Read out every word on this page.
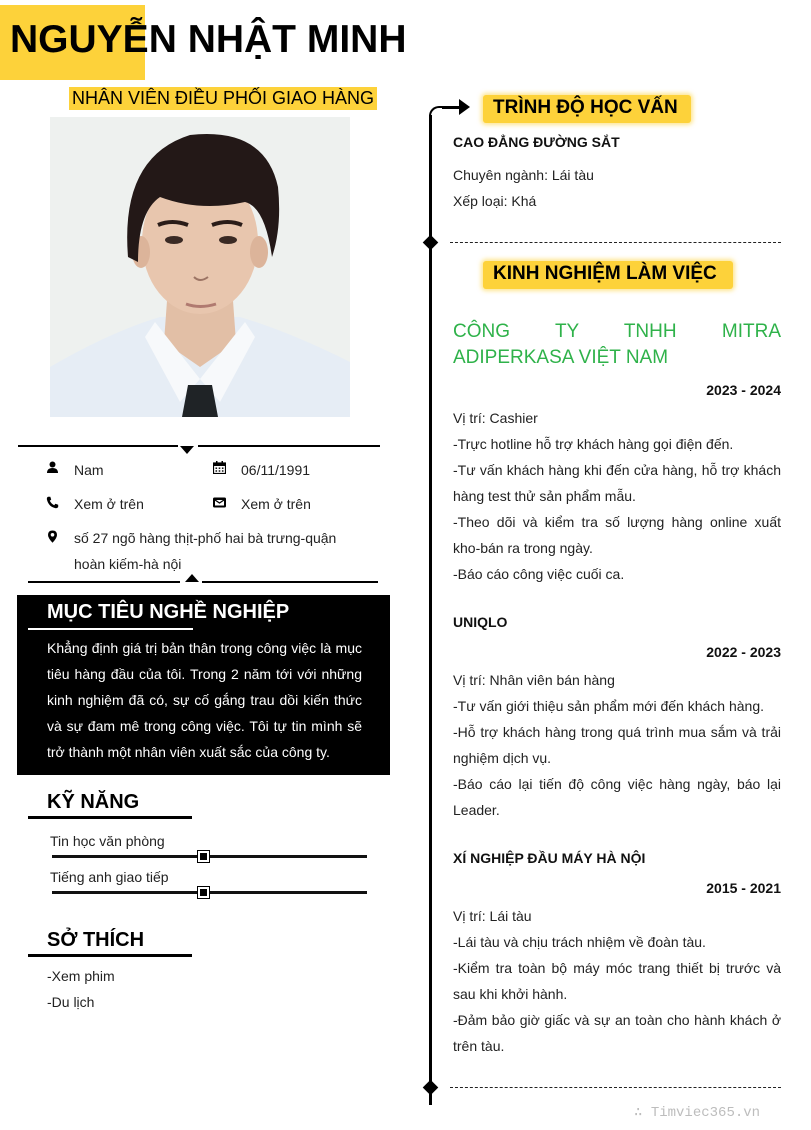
NGUYỄN NHẬT MINH
NHÂN VIÊN ĐIỀU PHỐI GIAO HÀNG
Nam	06/11/1991
Xem ở trên	Xem ở trên
số 27 ngõ hàng thịt-phố hai bà trưng-quận
hoàn kiếm-hà nội
MỤC TIÊU NGHỀ NGHIỆP

Khẳng định giá trị bản thân trong công việc là mục tiêu hàng đầu của tôi. Trong 2 năm tới với những kinh nghiệm đã có, sự cố gắng trau dồi kiến thức và sự đam mê trong công việc. Tôi tự tin mình sẽ trở thành một nhân viên xuất sắc của công ty.

KỸ NĂNG
Tin học văn phòng
Tiếng anh giao tiếp
SỞ THÍCH
-Xem phim
-Du lịch
TRÌNH ĐỘ HỌC VẤN
CAO ĐẲNG ĐƯỜNG SẮT
Chuyên ngành: Lái tàu
Xếp loại: Khá
KINH NGHIỆM LÀM VIỆC
CÔNG TY TNHH MITRA ADIPERKASA VIỆT NAM
2023 - 2024
Vị trí: Cashier
-Trực hotline hỗ trợ khách hàng gọi điện đến.
-Tư vấn khách hàng khi đến cửa hàng, hỗ trợ khách hàng test thử sản phẩm mẫu.
-Theo dõi và kiểm tra số lượng hàng online xuất kho-bán ra trong ngày.
-Báo cáo công việc cuối ca.
UNIQLO
2022 - 2023
Vị trí: Nhân viên bán hàng
-Tư vấn giới thiệu sản phẩm mới đến khách hàng.
-Hỗ trợ khách hàng trong quá trình mua sắm và trải nghiệm dịch vụ.
-Báo cáo lại tiến độ công việc hàng ngày, báo lại Leader.
XÍ NGHIỆP ĐẦU MÁY HÀ NỘI
2015 - 2021
Vị trí: Lái tàu
-Lái tàu và chịu trách nhiệm về đoàn tàu.
-Kiểm tra toàn bộ máy móc trang thiết bị trước và sau khi khởi hành.
-Đảm bảo giờ giấc và sự an toàn cho hành khách ở trên tàu.
∴ Timviec365.vn
